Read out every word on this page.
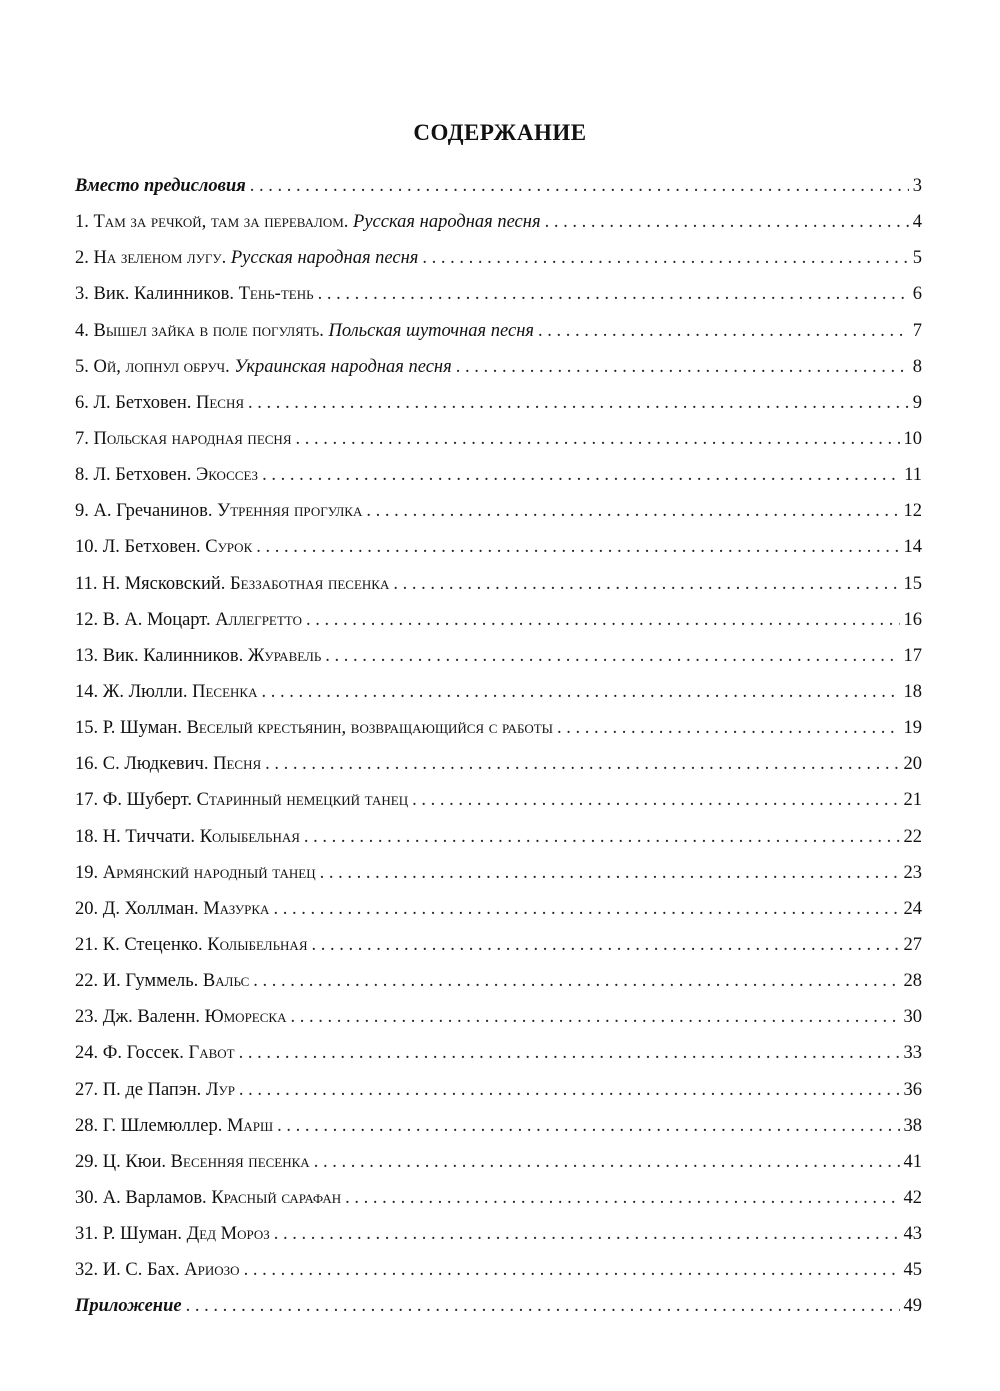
СОДЕРЖАНИЕ
Вместо предисловия . . .	3
1. Там за речкой, там за перевалом. Русская народная песня . . .	4
2. На зеленом лугу. Русская народная песня . . .	5
3. Вик. Калинников. Тень-тень . . .	6
4. Вышел зайка в поле погулять. Польская шуточная песня . . .	7
5. Ой, лопнул обруч. Украинская народная песня . . .	8
6. Л. Бетховен. Песня . . .	9
7. Польская народная песня . . .	10
8. Л. Бетховен. Экоссез . . .	11
9. А. Гречанинов. Утренняя прогулка . . .	12
10. Л. Бетховен. Сурок . . .	14
11. Н. Мясковский. Беззаботная песенка . . .	15
12. В. А. Моцарт. Аллегретто . . .	16
13. Вик. Калинников. Журавель . . .	17
14. Ж. Люлли. Песенка . . .	18
15. Р. Шуман. Веселый крестьянин, возвращающийся с работы . . .	19
16. С. Людкевич. Песня . . .	20
17. Ф. Шуберт. Старинный немецкий танец . . .	21
18. Н. Тиччати. Колыбельная . . .	22
19. Армянский народный танец . . .	23
20. Д. Холлман. Мазурка . . .	24
21. К. Стеценко. Колыбельная . . .	27
22. И. Гуммель. Вальс . . .	28
23. Дж. Валенн. Юмореска . . .	30
24. Ф. Госсек. Гавот . . .	33
27. П. де Папэн. Лур . . .	36
28. Г. Шлемюллер. Марш . . .	38
29. Ц. Кюи. Весенняя песенка . . .	41
30. А. Варламов. Красный сарафан . . .	42
31. Р. Шуман. Дед Мороз . . .	43
32. И. С. Бах. Ариозо . . .	45
Приложение . . .	49
